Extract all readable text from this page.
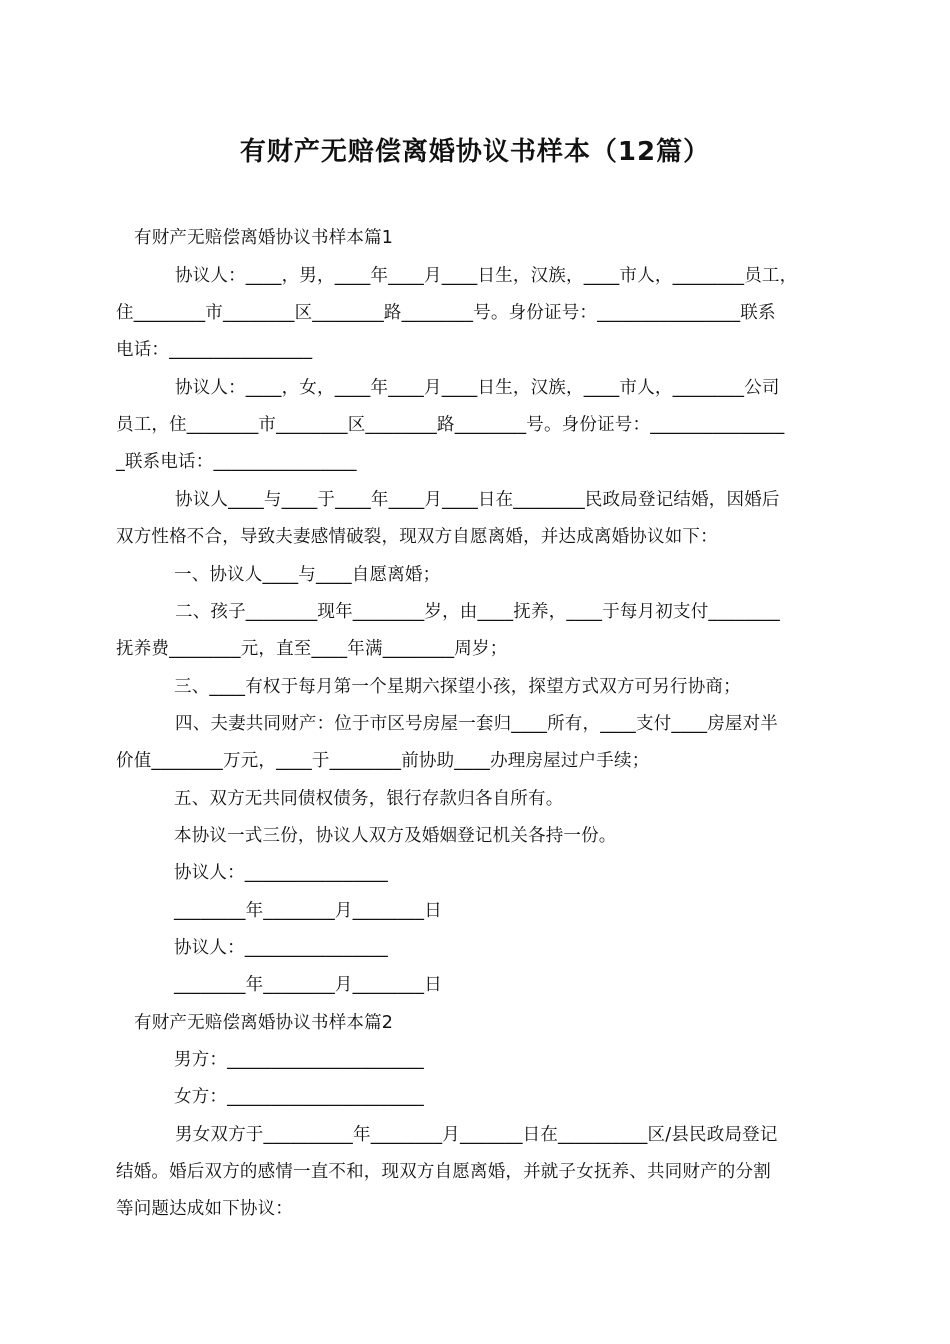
有财产无赔偿离婚协议书样本（12篇）
有财产无赔偿离婚协议书样本篇1
协议人：____，男，____年____月____日生，汉族，____市人，________员工，
住________市________区________路________号。身份证号：________________联系
电话：________________
协议人：____，女，____年____月____日生，汉族，____市人，________公司
员工，住________市________区________路________号。身份证号：_______________
_联系电话：________________
协议人____与____于____年____月____日在________民政局登记结婚，因婚后
双方性格不合，导致夫妻感情破裂，现双方自愿离婚，并达成离婚协议如下：
一、协议人____与____自愿离婚；
二、孩子________现年________岁，由____抚养，____于每月初支付________
抚养费________元，直至____年满________周岁；
三、____有权于每月第一个星期六探望小孩，探望方式双方可另行协商；
四、夫妻共同财产：位于市区号房屋一套归____所有，____支付____房屋对半
价值________万元，____于________前协助____办理房屋过户手续；
五、双方无共同债权债务，银行存款归各自所有。
本协议一式三份，协议人双方及婚姻登记机关各持一份。
协议人：________________
________年________月________日
协议人：________________
________年________月________日
有财产无赔偿离婚协议书样本篇2
男方：______________________
女方：______________________
男女双方于__________年________月_______日在__________区/县民政局登记
结婚。婚后双方的感情一直不和，现双方自愿离婚，并就子女抚养、共同财产的分割
等问题达成如下协议：
